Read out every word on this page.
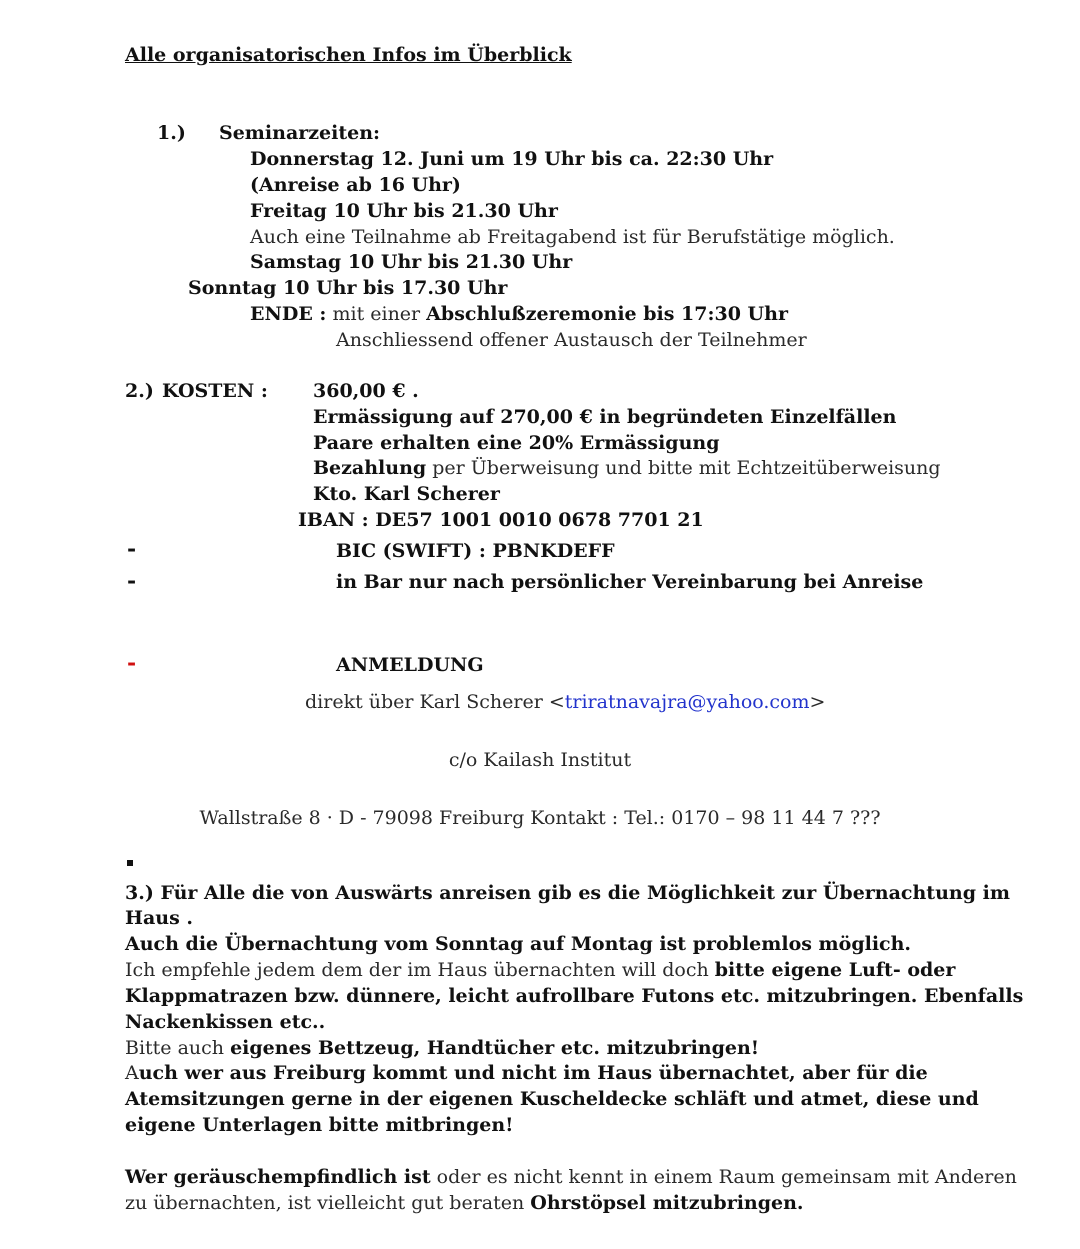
Alle organisatorischen Infos im Überblick
1.) Seminarzeiten:
Donnerstag 12. Juni um 19 Uhr bis ca. 22:30 Uhr
(Anreise ab 16 Uhr)
Freitag 10 Uhr bis 21.30 Uhr
Auch eine Teilnahme ab Freitagabend ist für Berufstätige möglich.
Samstag 10 Uhr bis 21.30 Uhr
Sonntag 10 Uhr bis 17.30 Uhr
ENDE : mit einer Abschlußzeremonie bis 17:30 Uhr
Anschliessend offener Austausch der Teilnehmer
2.) KOSTEN : 360,00 € .
Ermässigung auf 270,00 € in begründeten Einzelfällen
Paare erhalten eine 20% Ermässigung
Bezahlung per Überweisung und bitte mit Echtzeitüberweisung
Kto. Karl Scherer
IBAN : DE57 1001 0010 0678 7701 21
-	BIC (SWIFT) : PBNKDEFF
-	in Bar nur nach persönlicher Vereinbarung bei Anreise
-	ANMELDUNG
direkt über Karl Scherer <triratnavajra@yahoo.com>
c/o Kailash Institut
Wallstraße 8 · D - 79098 Freiburg Kontakt : Tel.: 0170 – 98 11 44 7 ???
3.) Für Alle die von Auswärts anreisen gib es die Möglichkeit zur Übernachtung im
Haus .
Auch die Übernachtung vom Sonntag auf Montag ist problemlos möglich.
Ich empfehle jedem dem der im Haus übernachten will doch bitte eigene Luft- oder
Klappmatrazen bzw. dünnere, leicht aufrollbare Futons etc. mitzubringen. Ebenfalls
Nackenkissen etc..
Bitte auch eigenes Bettzeug, Handtücher etc. mitzubringen!
Auch wer aus Freiburg kommt und nicht im Haus übernachtet, aber für die
Atemsitzungen gerne in der eigenen Kuscheldecke schläft und atmet, diese und
eigene Unterlagen bitte mitbringen!
Wer geräuschempfindlich ist oder es nicht kennt in einem Raum gemeinsam mit Anderen
zu übernachten, ist vielleicht gut beraten Ohrstöpsel mitzubringen.
